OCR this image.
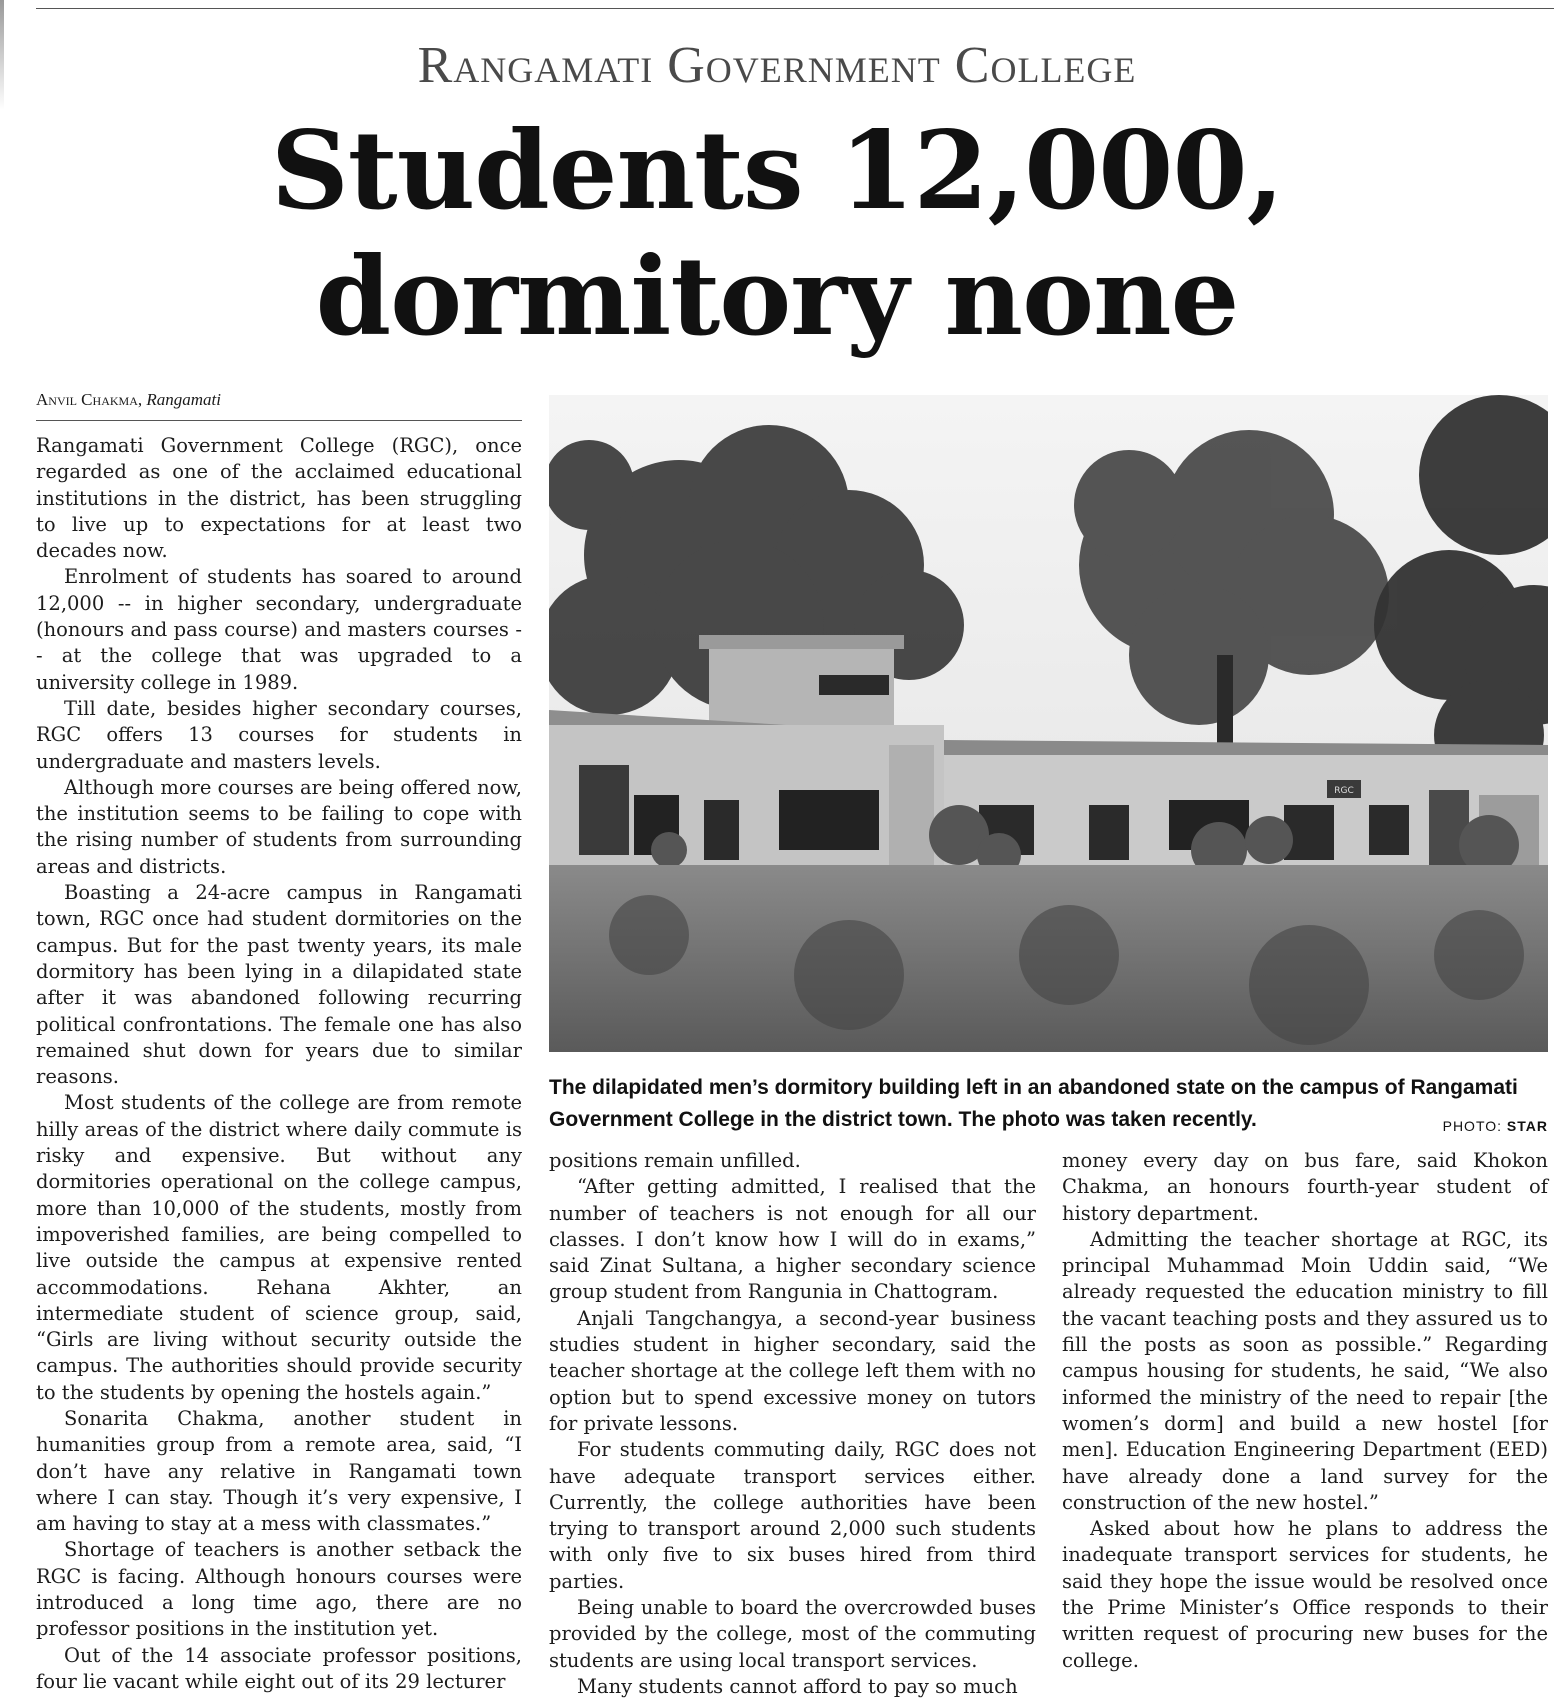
Rangamati Government College
Students 12,000,
dormitory none
Anvil Chakma, Rangamati

Rangamati Government College (RGC), once regarded as one of the acclaimed educational institutions in the district, has been struggling to live up to expectations for at least two decades now.

Enrolment of students has soared to around 12,000 -- in higher secondary, undergraduate (honours and pass course) and masters courses -- at the college that was upgraded to a university college in 1989.

Till date, besides higher secondary courses, RGC offers 13 courses for students in undergraduate and masters levels.

Although more courses are being offered now, the institution seems to be failing to cope with the rising number of students from surrounding areas and districts.

Boasting a 24-acre campus in Rangamati town, RGC once had student dormitories on the campus. But for the past twenty years, its male dormitory has been lying in a dilapidated state after it was abandoned following recurring political confrontations. The female one has also remained shut down for years due to similar reasons.

Most students of the college are from remote hilly areas of the district where daily commute is risky and expensive. But without any dormitories operational on the college campus, more than 10,000 of the students, mostly from impoverished families, are being compelled to live outside the campus at expensive rented accommodations. Rehana Akhter, an intermediate student of science group, said, “Girls are living without security outside the campus. The authorities should provide security to the students by opening the hostels again.”

Sonarita Chakma, another student in humanities group from a remote area, said, “I don’t have any relative in Rangamati town where I can stay. Though it’s very expensive, I am having to stay at a mess with classmates.”

Shortage of teachers is another setback the RGC is facing. Although honours courses were introduced a long time ago, there are no professor positions in the institution yet.

Out of the 14 associate professor positions, four lie vacant while eight out of its 29 lecturer

RGC
The dilapidated men’s dormitory building left in an abandoned state on the campus of Rangamati Government College in the district town. The photo was taken recently.	PHOTO: STAR

positions remain unfilled.

“After getting admitted, I realised that the number of teachers is not enough for all our classes. I don’t know how I will do in exams,” said Zinat Sultana, a higher secondary science group student from Rangunia in Chattogram.

Anjali Tangchangya, a second-year business studies student in higher secondary, said the teacher shortage at the college left them with no option but to spend excessive money on tutors for private lessons.

For students commuting daily, RGC does not have adequate transport services either. Currently, the college authorities have been trying to transport around 2,000 such students with only five to six buses hired from third parties.

Being unable to board the overcrowded buses provided by the college, most of the commuting students are using local transport services.

Many students cannot afford to pay so much

money every day on bus fare, said Khokon Chakma, an honours fourth-year student of history department.

Admitting the teacher shortage at RGC, its principal Muhammad Moin Uddin said, “We already requested the education ministry to fill the vacant teaching posts and they assured us to fill the posts as soon as possible.” Regarding campus housing for students, he said, “We also informed the ministry of the need to repair [the women’s dorm] and build a new hostel [for men]. Education Engineering Department (EED) have already done a land survey for the construction of the new hostel.”

Asked about how he plans to address the inadequate transport services for students, he said they hope the issue would be resolved once the Prime Minister’s Office responds to their written request of procuring new buses for the college.
